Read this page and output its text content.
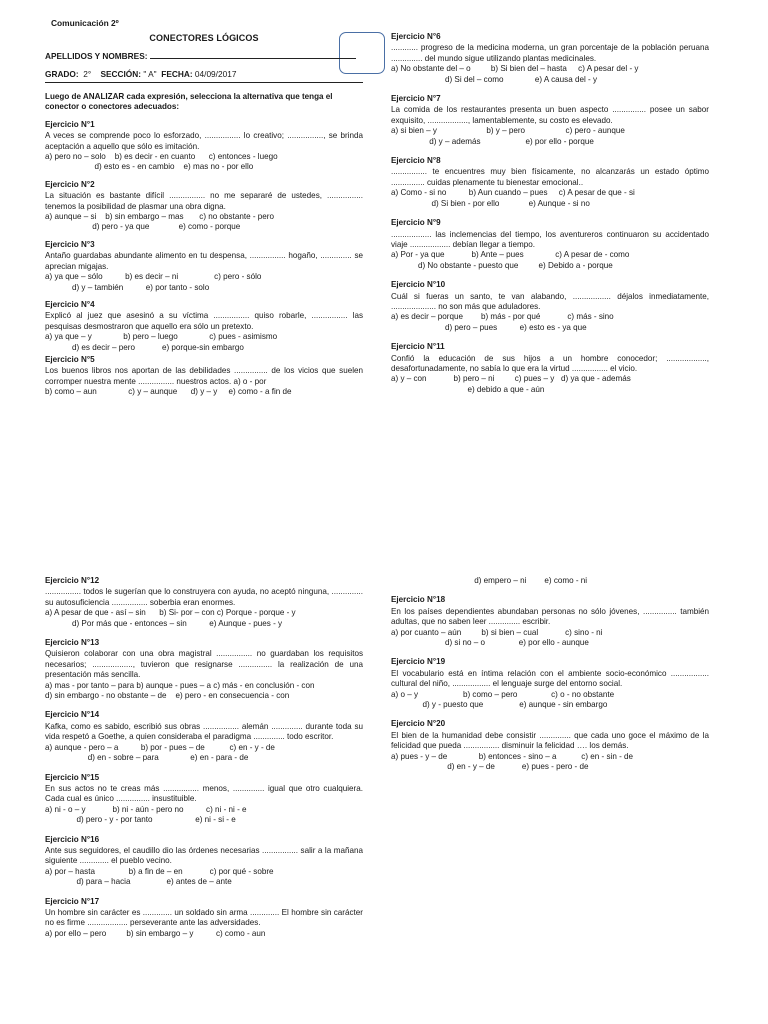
Comunicación 2º
CONECTORES LÓGICOS
APELLIDOS Y NOMBRES:
GRADO: 2° SECCIÓN: " A" FECHA: 04/09/2017
Luego de ANALIZAR cada expresión, selecciona la alternativa que tenga el conector o conectores adecuados:
Ejercicio N°1
A veces se comprende poco lo esforzado, ................ lo creativo; ................, se brinda aceptación a aquello que sólo es imitación.
a) pero no – solo    b) es decir - en cuanto      c) entonces - luego
d) esto es - en cambio    e) mas no - por ello
Ejercicio N°2
La situación es bastante difícil ................ no me separaré de ustedes, ................ tenemos la posibilidad de plasmar una obra digna.
a) aunque – si    b) sin embargo – mas       c) no obstante - pero
d) pero - ya que             e) como - porque
Ejercicio N°3
Antaño guardabas abundante alimento en tu despensa, ................ hogaño, .............. se aprecian migajas.
a) ya que – sólo          b) es decir – ni                c) pero - sólo
d) y – también          e) por tanto - solo
Ejercicio N°4
Explicó al juez que asesinó a su víctima ................ quiso robarle, ................ las pesquisas desmostraron que aquello era sólo un pretexto.
a) ya que – y              b) pero – luego              c) pues - asimismo
d) es decir – pero            e) porque-sin embargo
Ejercicio N°5
Los buenos libros nos aportan de las debilidades ............... de los vicios que suelen corromper nuestra mente ................ nuestros actos. a) o - por
b) como – aun              c) y – aunque      d) y – y     e) como - a fin de
Ejercicio N°6
............ progreso de la medicina moderna, un gran porcentaje de la población peruana .............. del mundo sigue utilizando plantas medicinales.
a) No obstante del – o         b) Si bien del – hasta     c) A pesar del - y
d) Si del – como              e) A causa del - y
Ejercicio N°7
La comida de los restaurantes presenta un buen aspecto ............... posee un sabor exquisito, .................., lamentablemente, su costo es elevado.
a) si bien – y                      b) y – pero                  c) pero - aunque
d) y – además                    e) por ello - porque
Ejercicio N°8
................ te encuentres muy bien físicamente, no alcanzarás un estado óptimo ............... cuidas plenamente tu bienestar emocional..
a) Como - si no          b) Aun cuando – pues     c) A pesar de que - si
d) Si bien - por ello             e) Aunque - si no
Ejercicio N°9
.................. las inclemencias del tiempo, los aventureros continuaron su accidentado viaje .................. debían llegar a tiempo.
a) Por - ya que            b) Ante – pues              c) A pesar de - como
d) No obstante - puesto que         e) Debido a - porque
Ejercicio N°10
Cuál si fueras un santo, te van alabando, ................. déjalos inmediatamente, .................... no son más que aduladores.
a) es decir – porque        b) más - por qué            c) más - sino
d) pero – pues          e) esto es - ya que
Ejercicio N°11
Confió la educación de sus hijos a un hombre conocedor; .................., desafortunadamente, no sabía lo que era la virtud ................ el vicio.
a) y – con            b) pero – ni         c) pues – y   d) ya que - además
e) debido a que - aún
Ejercicio N°12
................ todos le sugerían que lo construyera con ayuda, no aceptó ninguna, .............. su autosuficiencia ................ soberbia eran enormes.
a) A pesar de que - así – sin      b) Si- por – con c) Porque - porque - y
d) Por más que - entonces – sin          e) Aunque - pues - y
Ejercicio N°13
Quisieron colaborar con una obra magistral ................ no guardaban los requisitos necesarios; .................., tuvieron que resignarse ............... la realización de una presentación más sencilla.
a) mas - por tanto – para b) aunque - pues – a c) más - en conclusión - con
d) sin embargo - no obstante – de    e) pero - en consecuencia - con
Ejercicio N°14
Kafka, como es sabido, escribió sus obras ................ alemán .............. durante toda su vida respetó a Goethe, a quien consideraba el paradigma .............. todo escritor.
a) aunque - pero – a          b) por - pues – de           c) en - y - de
d) en - sobre – para              e) en - para - de
Ejercicio N°15
En sus actos no te creas más ................ menos, .............. igual que otro cualquiera. Cada cual es único ............... insustituible.
a) ni - o – y            b) ni - aún - pero no          c) ni - ni - e
d) pero - y - por tanto                   e) ni - si - e
Ejercicio N°16
Ante sus seguidores, el caudillo dio las órdenes necesarias ................ salir a la mañana siguiente ............. el pueblo vecino.
a) por – hasta               b) a fin de – en            c) por qué - sobre
d) para – hacia                e) antes de – ante
Ejercicio N°17
Un hombre sin carácter es ............. un soldado sin arma ............. El hombre sin carácter no es firme .................. perseverante ante las adversidades.
a) por ello – pero         b) sin embargo – y          c) como - aun
d) empero – ni        e) como - ni
Ejercicio N°18
En los países dependientes abundaban personas no sólo jóvenes, ............... también adultas, que no saben leer .............. escribir.
a) por cuanto – aún         b) si bien – cual            c) sino - ni
d) si no – o               e) por ello - aunque
Ejercicio N°19
El vocabulario está en íntima relación con el ambiente socio-económico ................. cultural del niño, ................. el lenguaje surge del entorno social.
a) o – y                    b) como – pero               c) o - no obstante
d) y - puesto que                e) aunque - sin embargo
Ejercicio N°20
El bien de la humanidad debe consistir .............. que cada uno goce el máximo de la felicidad que pueda ................ disminuir la felicidad …. los demás.
a) pues - y – de              b) entonces - sino – a           c) en - sin - de
d) en - y – de            e) pues - pero - de
